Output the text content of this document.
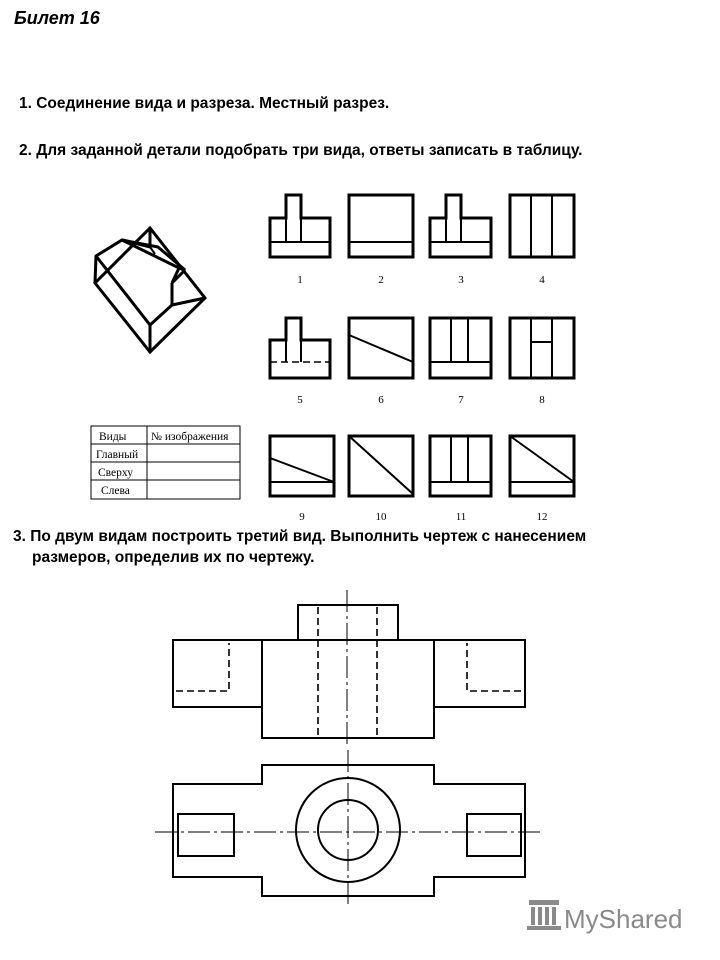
Билет 16
1. Соединение вида и разреза. Местный разрез.
2. Для заданной детали подобрать три вида, ответы записать в таблицу.
3. По двум видам построить третий вид. Выполнить чертеж с нанесением
размеров, определив их по чертежу.
1	2	3	4
5	6	7	8
9	10	11	12
Виды № изображения
Главный
Сверху
Слева
MyShared
